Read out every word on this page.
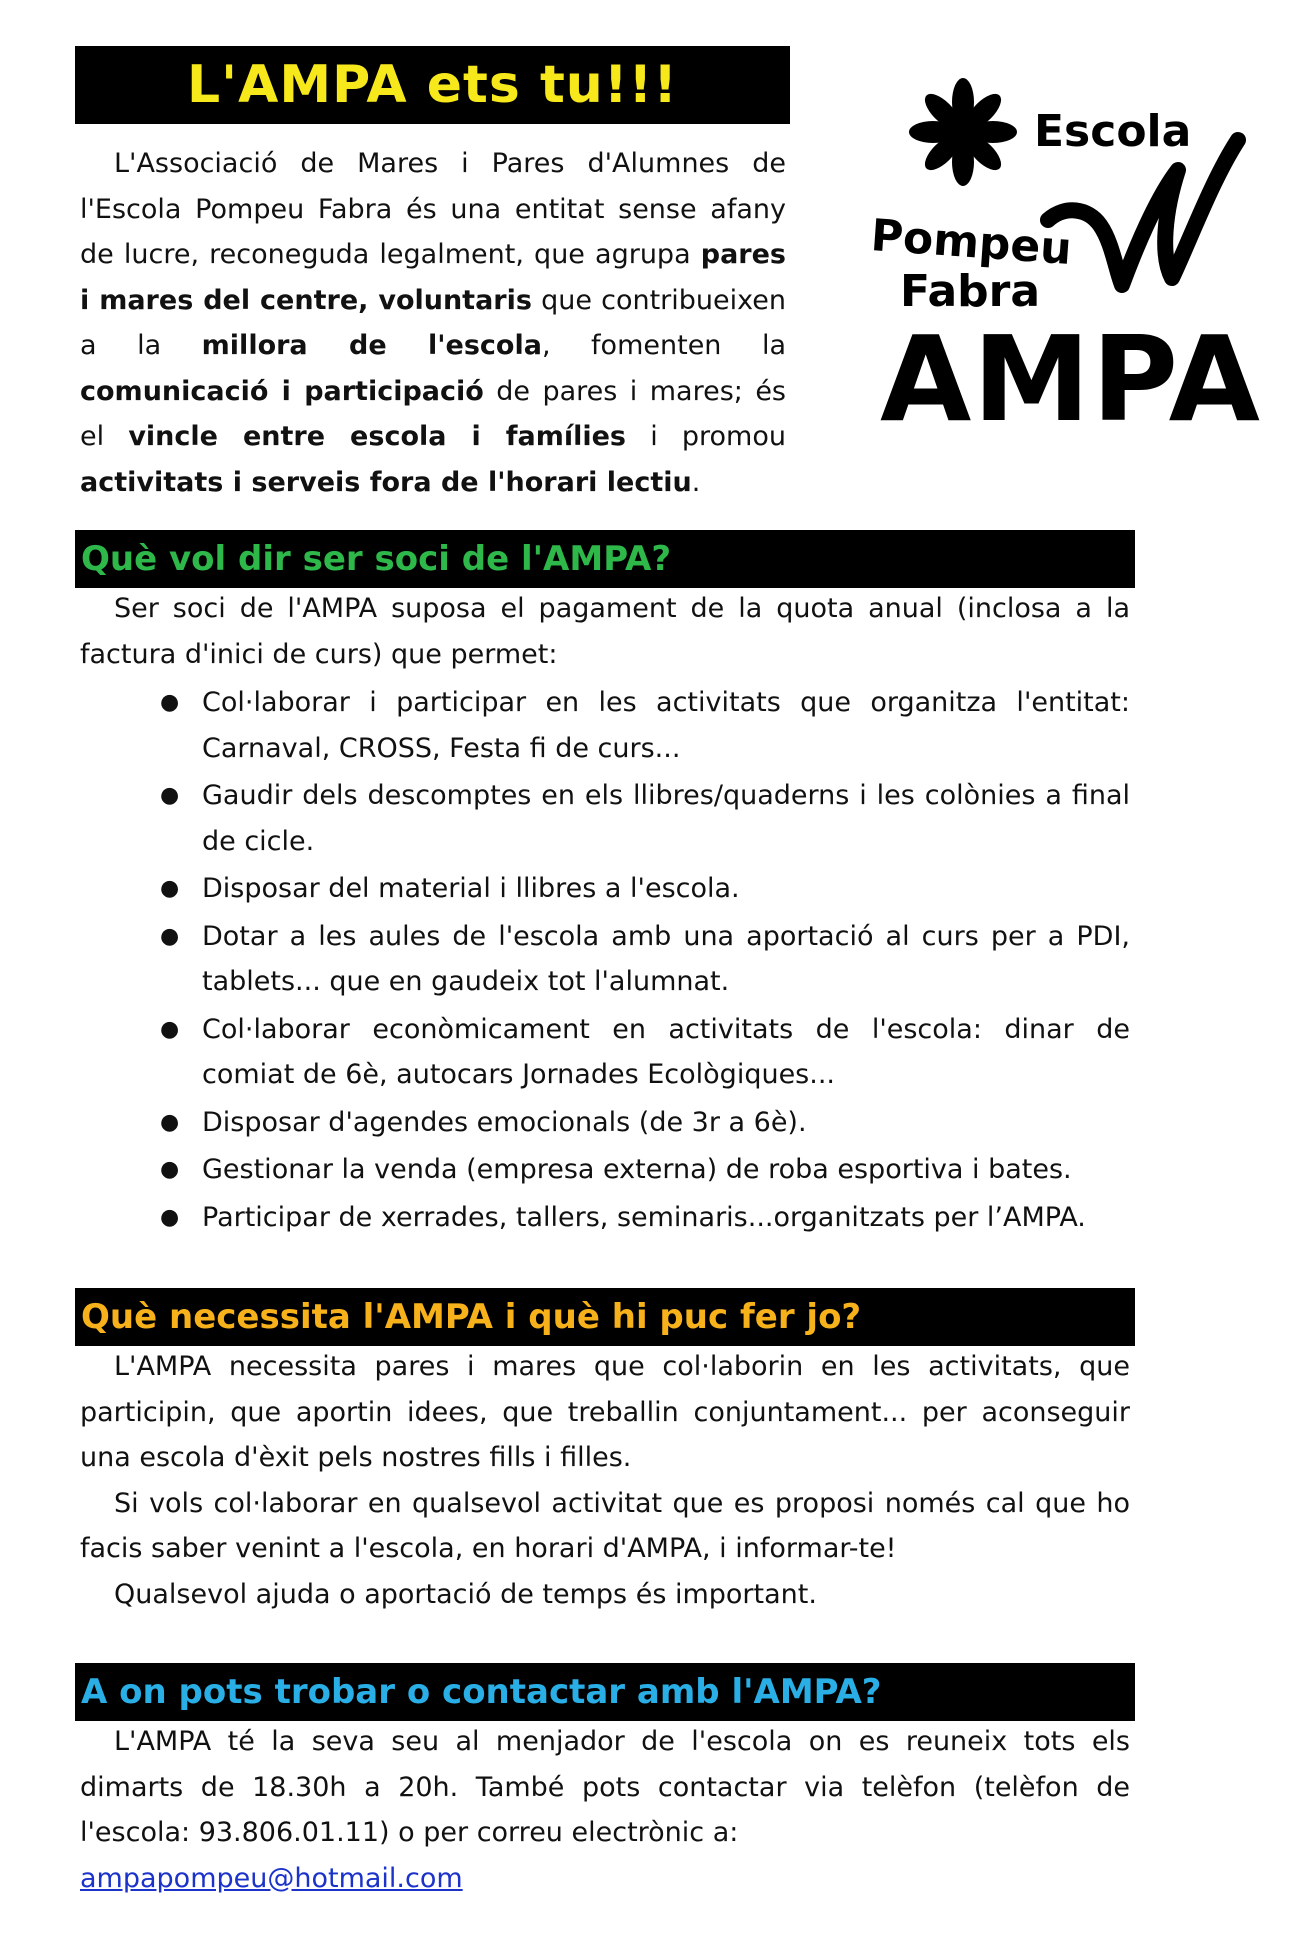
L'AMPA ets tu!!!
L'Associació de Mares i Pares d'Alumnes de l'Escola Pompeu Fabra és una entitat sense afany de lucre, reconeguda legalment, que agrupa pares i mares del centre, voluntaris que contribueixen a la millora de l'escola, fomenten la comunicació i participació de pares i mares; és el vincle entre escola i famílies i promou activitats i serveis fora de l'horari lectiu.
Escola
Pompeu
Fabra
AMPA
Què vol dir ser soci de l'AMPA?
Ser soci de l'AMPA suposa el pagament de la quota anual (inclosa a la factura d'inici de curs) que permet:
● Col·laborar i participar en les activitats que organitza l'entitat: Carnaval, CROSS, Festa fi de curs...
● Gaudir dels descomptes en els llibres/quaderns i les colònies a final de cicle.
● Disposar del material i llibres a l'escola.
● Dotar a les aules de l'escola amb una aportació al curs per a PDI, tablets... que en gaudeix tot l'alumnat.
● Col·laborar econòmicament en activitats de l'escola: dinar de comiat de 6è, autocars Jornades Ecològiques...
● Disposar d'agendes emocionals (de 3r a 6è).
● Gestionar la venda (empresa externa) de roba esportiva i bates.
● Participar de xerrades, tallers, seminaris...organitzats per l’AMPA.
Què necessita l'AMPA i què hi puc fer jo?

L'AMPA necessita pares i mares que col·laborin en les activitats, que participin, que aportin idees, que treballin conjuntament... per aconseguir una escola d'èxit pels nostres fills i filles.

Si vols col·laborar en qualsevol activitat que es proposi només cal que ho facis saber venint a l'escola, en horari d'AMPA, i informar-te!

Qualsevol ajuda o aportació de temps és important.

A on pots trobar o contactar amb l'AMPA?

L'AMPA té la seva seu al menjador de l'escola on es reuneix tots els dimarts de 18.30h a 20h. També pots contactar via telèfon (telèfon de l'escola: 93.806.01.11) o per correu electrònic a:
ampapompeu@hotmail.com
